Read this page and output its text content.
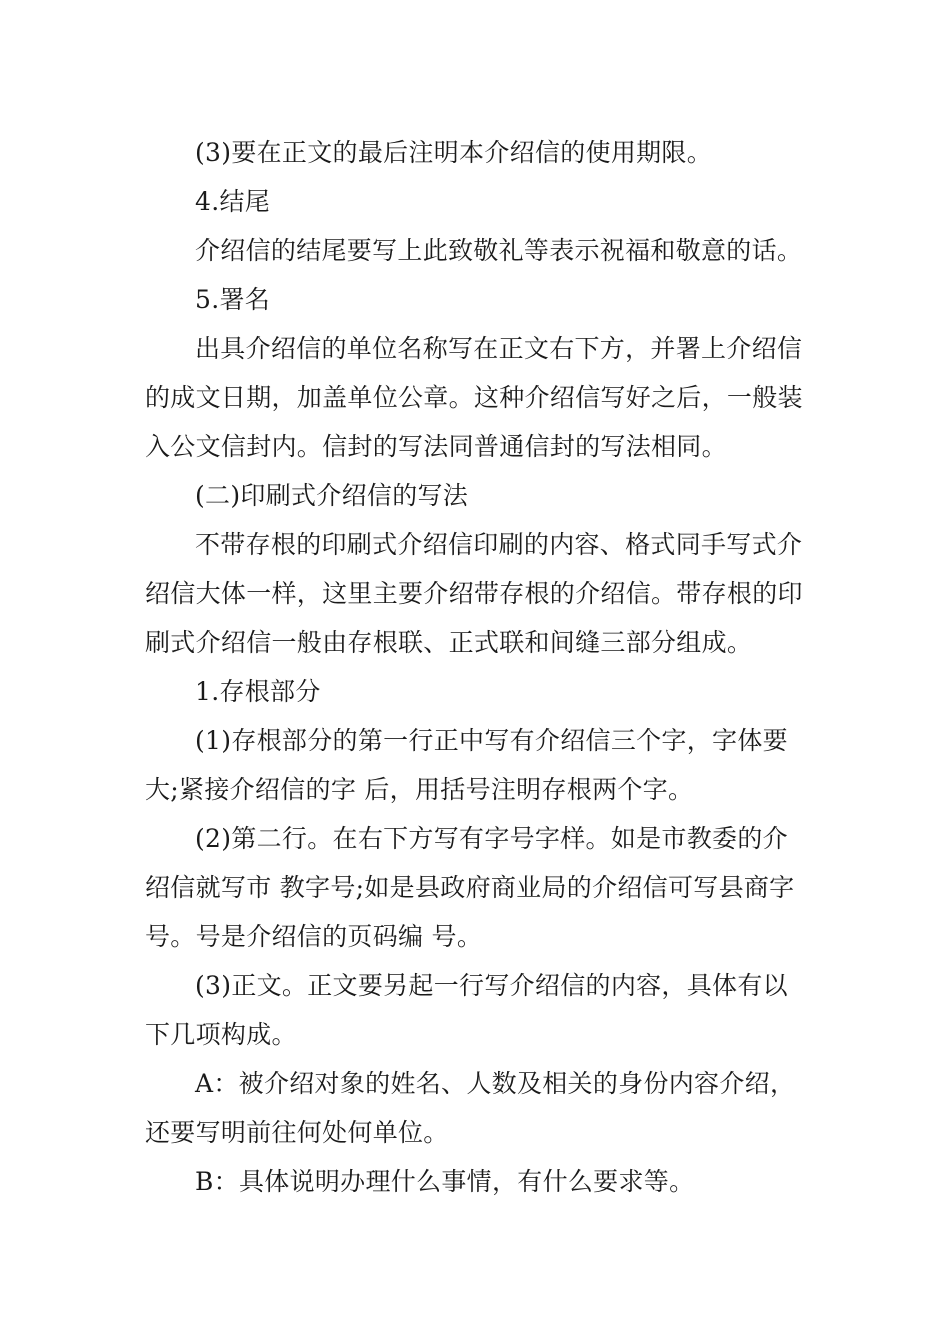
(3)要在正文的最后注明本介绍信的使用期限。

4.结尾

介绍信的结尾要写上此致敬礼等表示祝福和敬意的话。

5.署名

出具介绍信的单位名称写在正文右下方，并署上介绍信的成文日期，加盖单位公章。这种介绍信写好之后，一般装入公文信封内。信封的写法同普通信封的写法相同。

(二)印刷式介绍信的写法

不带存根的印刷式介绍信印刷的内容、格式同手写式介绍信大体一样，这里主要介绍带存根的介绍信。带存根的印刷式介绍信一般由存根联、正式联和间缝三部分组成。

1.存根部分

(1)存根部分的第一行正中写有介绍信三个字，字体要大;紧接介绍信的字 后，用括号注明存根两个字。

(2)第二行。在右下方写有字号字样。如是市教委的介绍信就写市 教字号;如是县政府商业局的介绍信可写县商字号。号是介绍信的页码编 号。

(3)正文。正文要另起一行写介绍信的内容，具体有以下几项构成。

A：被介绍对象的姓名、人数及相关的身份内容介绍，还要写明前往何处何单位。

B：具体说明办理什么事情，有什么要求等。
